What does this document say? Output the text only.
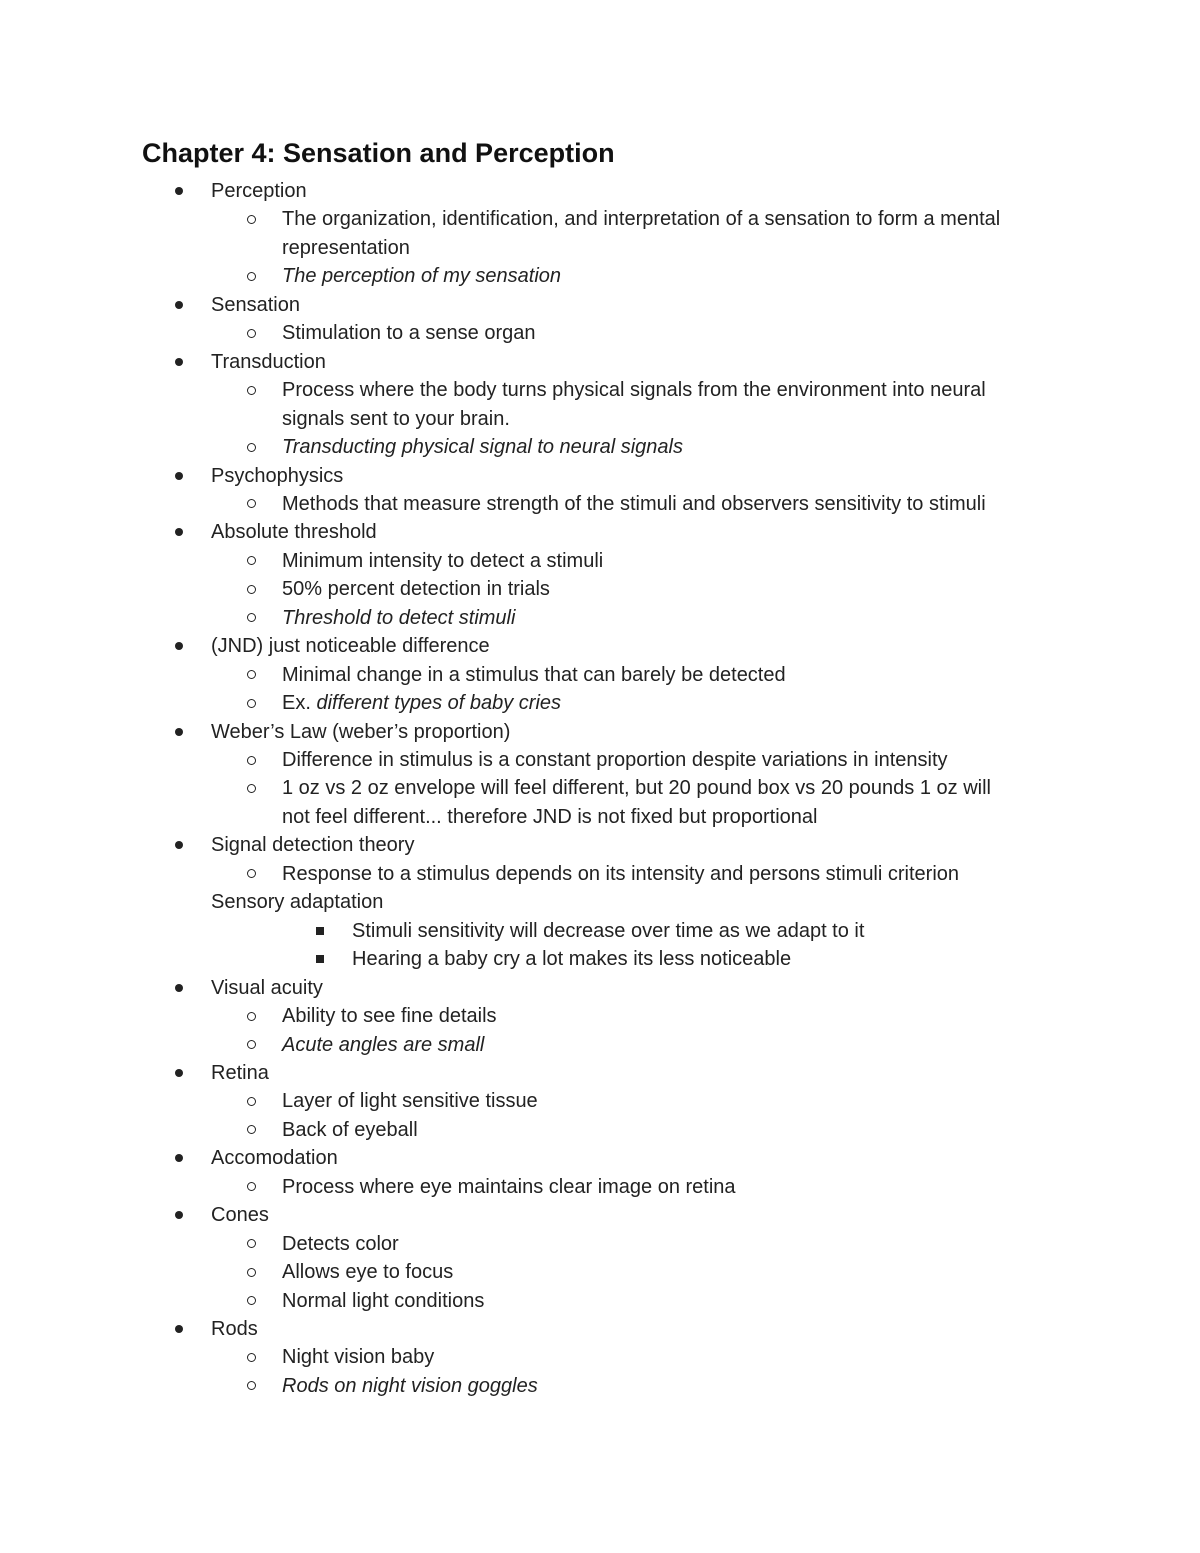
Chapter 4: Sensation and Perception
Perception
The organization, identification, and interpretation of a sensation to form a mental
representation
The perception of my sensation
Sensation
Stimulation to a sense organ
Transduction
Process where the body turns physical signals from the environment into neural
signals sent to your brain.
Transducting physical signal to neural signals
Psychophysics
Methods that measure strength of the stimuli and observers sensitivity to stimuli
Absolute threshold
Minimum intensity to detect a stimuli
50% percent detection in trials
Threshold to detect stimuli
(JND) just noticeable difference
Minimal change in a stimulus that can barely be detected
Ex. different types of baby cries
Weber’s Law (weber’s proportion)
Difference in stimulus is a constant proportion despite variations in intensity
1 oz vs 2 oz envelope will feel different, but 20 pound box vs 20 pounds 1 oz will
not feel different... therefore JND is not fixed but proportional
Signal detection theory
Response to a stimulus depends on its intensity and persons stimuli criterion
Sensory adaptation
Stimuli sensitivity will decrease over time as we adapt to it
Hearing a baby cry a lot makes its less noticeable
Visual acuity
Ability to see fine details
Acute angles are small
Retina
Layer of light sensitive tissue
Back of eyeball
Accomodation
Process where eye maintains clear image on retina
Cones
Detects color
Allows eye to focus
Normal light conditions
Rods
Night vision baby
Rods on night vision goggles
